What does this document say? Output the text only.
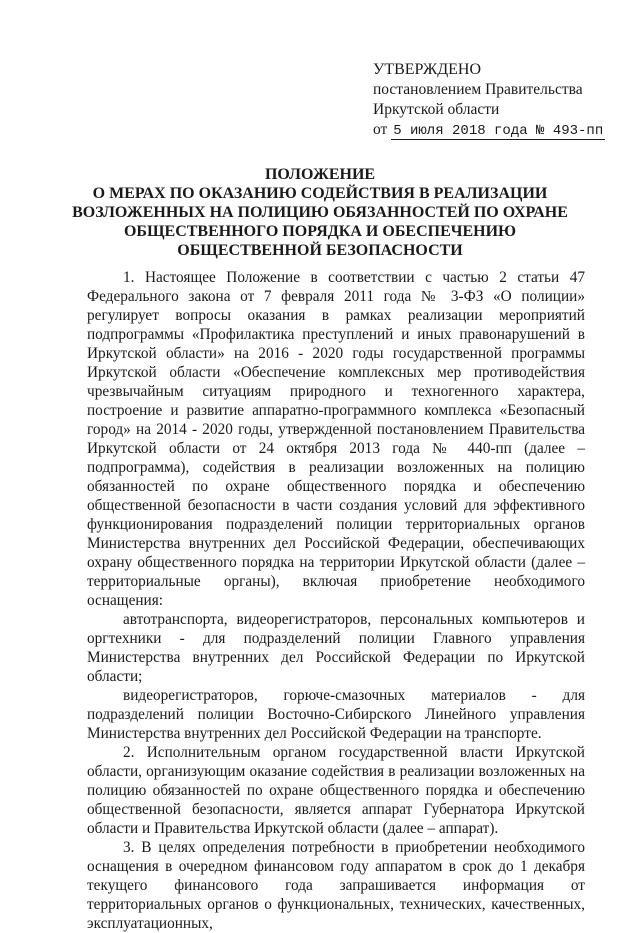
УТВЕРЖДЕНО
постановлением Правительства
Иркутской области
от 5 июля 2018 года № 493-пп

ПОЛОЖЕНИЕ

О МЕРАХ ПО ОКАЗАНИЮ СОДЕЙСТВИЯ В РЕАЛИЗАЦИИ

ВОЗЛОЖЕННЫХ НА ПОЛИЦИЮ ОБЯЗАННОСТЕЙ ПО ОХРАНЕ

ОБЩЕСТВЕННОГО ПОРЯДКА И ОБЕСПЕЧЕНИЮ

ОБЩЕСТВЕННОЙ БЕЗОПАСНОСТИ

1. Настоящее Положение в соответствии с частью 2 статьи 47 Федерального закона от 7 февраля 2011 года № 3-ФЗ «О полиции» регулирует вопросы оказания в рамках реализации мероприятий подпрограммы «Профилактика преступлений и иных правонарушений в Иркутской области» на 2016 - 2020 годы государственной программы Иркутской области «Обеспечение комплексных мер противодействия чрезвычайным ситуациям природного и техногенного характера, построение и развитие аппаратно-программного комплекса «Безопасный город» на 2014 - 2020 годы, утвержденной постановлением Правительства Иркутской области от 24 октября 2013 года № 440-пп (далее – подпрограмма), содействия в реализации возложенных на полицию обязанностей по охране общественного порядка и обеспечению общественной безопасности в части создания условий для эффективного функционирования подразделений полиции территориальных органов Министерства внутренних дел Российской Федерации, обеспечивающих охрану общественного порядка на территории Иркутской области (далее – территориальные органы), включая приобретение необходимого оснащения:

автотранспорта, видеорегистраторов, персональных компьютеров и оргтехники - для подразделений полиции Главного управления Министерства внутренних дел Российской Федерации по Иркутской области;

видеорегистраторов, горюче-смазочных материалов - для подразделений полиции Восточно-Сибирского Линейного управления Министерства внутренних дел Российской Федерации на транспорте.

2. Исполнительным органом государственной власти Иркутской области, организующим оказание содействия в реализации возложенных на полицию обязанностей по охране общественного порядка и обеспечению общественной безопасности, является аппарат Губернатора Иркутской области и Правительства Иркутской области (далее – аппарат).

3. В целях определения потребности в приобретении необходимого оснащения в очередном финансовом году аппаратом в срок до 1 декабря текущего финансового года запрашивается информация от территориальных органов о функциональных, технических, качественных, эксплуатационных,
